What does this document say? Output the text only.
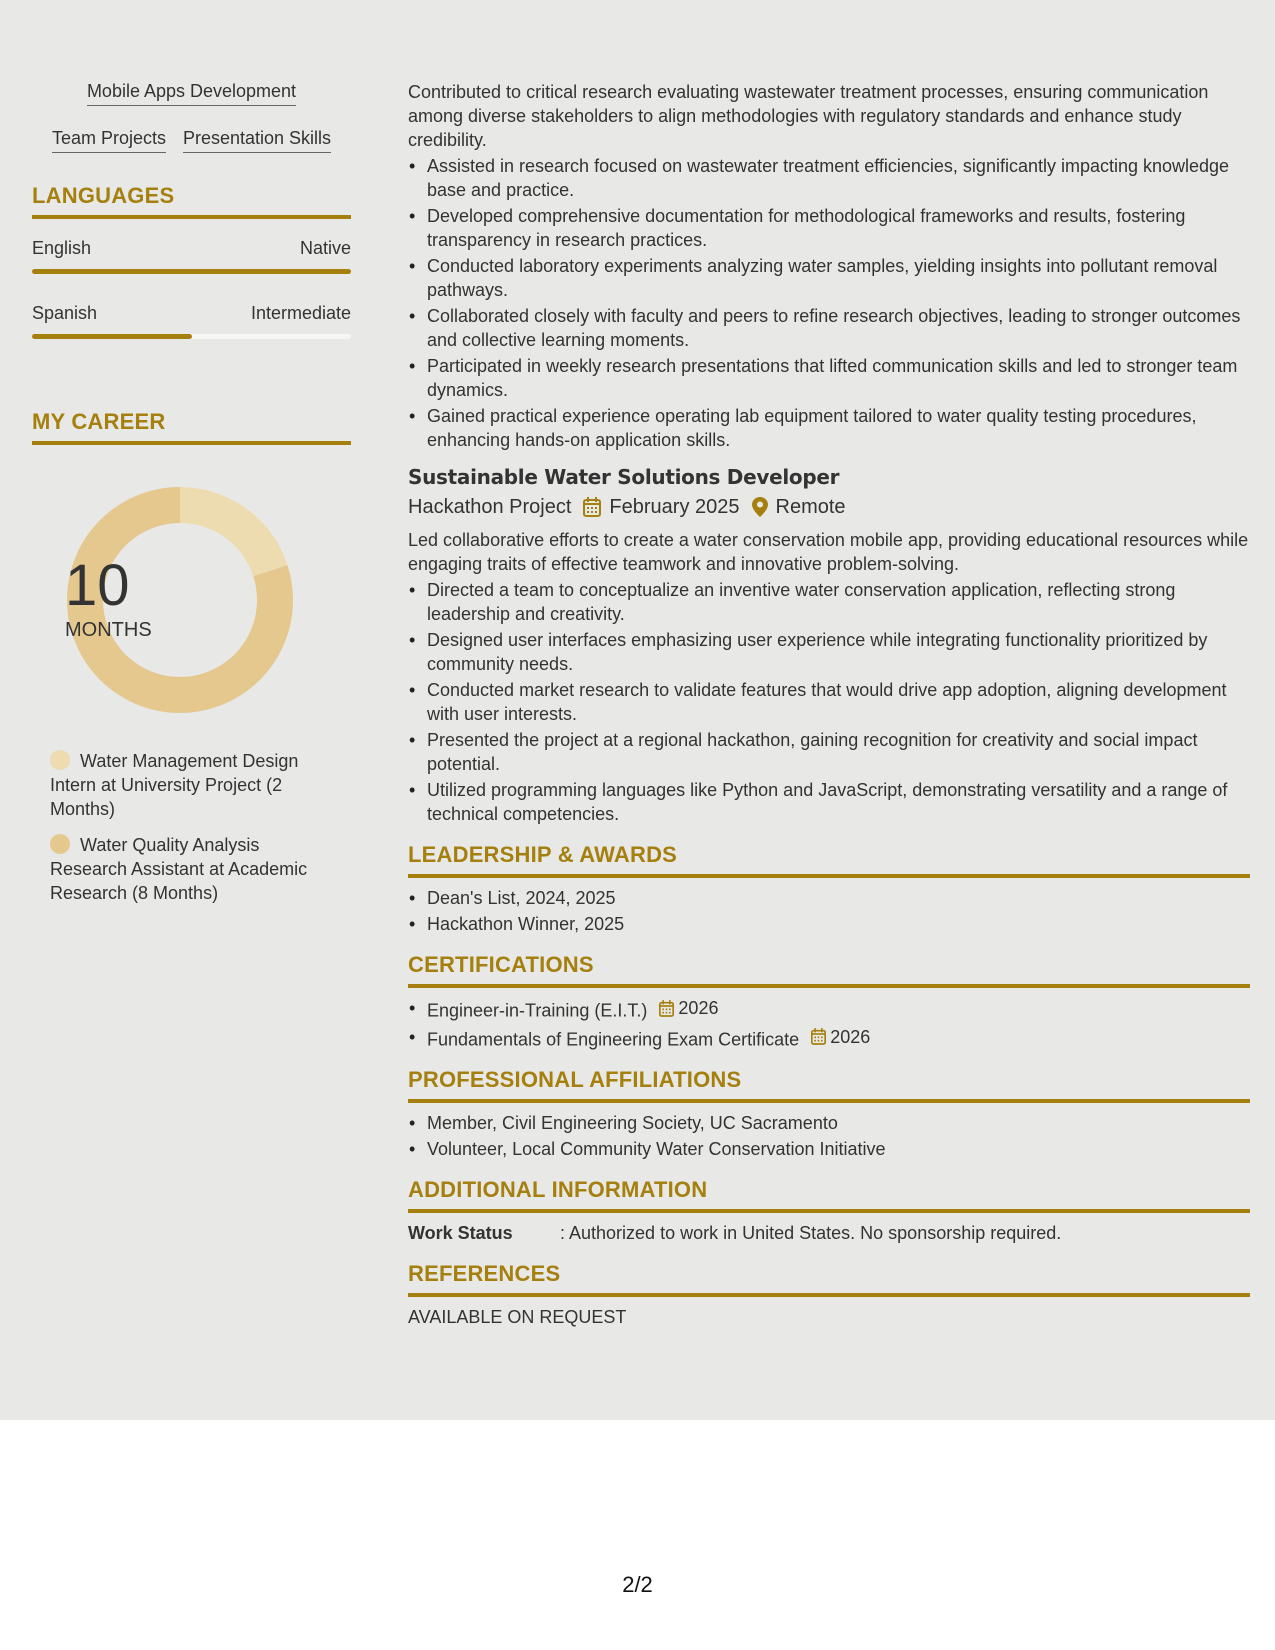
Mobile Apps Development
Team Projects Presentation Skills
LANGUAGES
English	Native
Spanish	Intermediate
MY CAREER
10
MONTHS
Water Management Design Intern at University Project (2 Months)
Water Quality Analysis Research Assistant at Academic Research (8 Months)
Contributed to critical research evaluating wastewater treatment processes, ensuring communication among diverse stakeholders to align methodologies with regulatory standards and enhance study credibility.
• Assisted in research focused on wastewater treatment efficiencies, significantly impacting knowledge base and practice.
• Developed comprehensive documentation for methodological frameworks and results, fostering transparency in research practices.
• Conducted laboratory experiments analyzing water samples, yielding insights into pollutant removal pathways.
• Collaborated closely with faculty and peers to refine research objectives, leading to stronger outcomes and collective learning moments.
• Participated in weekly research presentations that lifted communication skills and led to stronger team dynamics.
• Gained practical experience operating lab equipment tailored to water quality testing procedures, enhancing hands-on application skills.
Sustainable Water Solutions Developer
Hackathon Project February 2025 Remote
Led collaborative efforts to create a water conservation mobile app, providing educational resources while engaging traits of effective teamwork and innovative problem-solving.
• Directed a team to conceptualize an inventive water conservation application, reflecting strong leadership and creativity.
• Designed user interfaces emphasizing user experience while integrating functionality prioritized by community needs.
• Conducted market research to validate features that would drive app adoption, aligning development with user interests.
• Presented the project at a regional hackathon, gaining recognition for creativity and social impact potential.
• Utilized programming languages like Python and JavaScript, demonstrating versatility and a range of technical competencies.
LEADERSHIP & AWARDS
• Dean's List, 2024, 2025
• Hackathon Winner, 2025
CERTIFICATIONS
• Engineer-in-Training (E.I.T.) 2026
• Fundamentals of Engineering Exam Certificate 2026
PROFESSIONAL AFFILIATIONS
• Member, Civil Engineering Society, UC Sacramento
• Volunteer, Local Community Water Conservation Initiative
ADDITIONAL INFORMATION
Work Status	: Authorized to work in United States. No sponsorship required.
REFERENCES
AVAILABLE ON REQUEST
2/2
